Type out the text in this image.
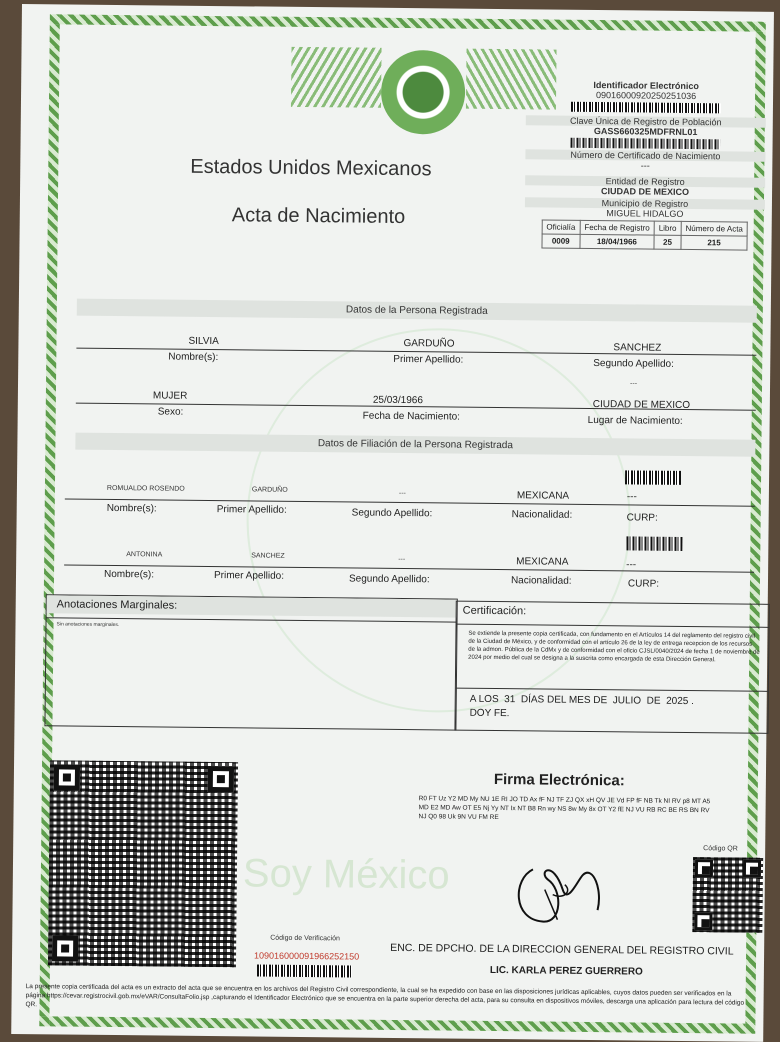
Estados Unidos Mexicanos
Acta de Nacimiento
Identificador Electrónico
09016000920250251036
Clave Única de Registro de Población
GASS660325MDFRNL01
Número de Certificado de Nacimiento
---
Entidad de Registro
CIUDAD DE MEXICO
Municipio de Registro
MIGUEL HIDALGO
Oficialía	Fecha de Registro	Libro	Número de Acta
0009	18/04/1966	25	215
Datos de la Persona Registrada
SILVIA	GARDUÑO	SANCHEZ
Nombre(s):	Primer Apellido:	Segundo Apellido:
---
MUJER	25/03/1966	CIUDAD DE MEXICO
Sexo:	Fecha de Nacimiento:	Lugar de Nacimiento:
Datos de Filiación de la Persona Registrada
ROMUALDO ROSENDO	GARDUÑO	---	MEXICANA	---
Nombre(s):	Primer Apellido:	Segundo Apellido:	Nacionalidad:	CURP:
ANTONINA	SANCHEZ	---	MEXICANA	---
Nombre(s):	Primer Apellido:	Segundo Apellido:	Nacionalidad:	CURP:
Anotaciones Marginales:
Sin anotaciones marginales.
Certificación:
Se extiende la presente copia certificada, con fundamento en el Artículos 14 del reglamento del registro civil de la Ciudad de México, y de conformidad con el artículo 26 de la ley de entrega recepcion de los recursos de la admon. Pública de la CdMx y de conformidad con el oficio CJSL/0040/2024 de fecha 1 de noviembre de 2024 por medio del cual se designa a la suscrita como encargada de esta Dirección General.
A LOS  31  DÍAS DEL MES DE  JULIO  DE  2025 .
DOY FE.
Soy México
Código de Verificación
109016000091966252150
Firma Electrónica:
R0 FT Uz Y2 MD My NU 1E RI JO TD Ax fF NJ TF ZJ QX xH QV JE Vd FP fF NB Tk NI RV p8 MT A5 MD E2 MD Aw OT E5 Nj Yy NT Ix NT B8 Rn wy NS 8w My 8x OT Y2 fE NJ VU RB RC BE RS BN RV NJ Q0 98 Uk 9N VU FM RE
Código QR
ENC. DE DPCHO. DE LA DIRECCION GENERAL DEL REGISTRO CIVIL
LIC. KARLA PEREZ GUERRERO
La presente copia certificada del acta es un extracto del acta que se encuentra en los archivos del Registro Civil correspondiente, la cual se ha expedido con base en las disposiciones jurídicas aplicables, cuyos datos pueden ser verificados en la página https://cevar.registrocivil.gob.mx/eVAR/ConsultaFolio.jsp ,capturando el Identificador Electrónico que se encuentra en la parte superior derecha del acta, para su consulta en dispositivos móviles, descarga una aplicación para lectura del código QR.
